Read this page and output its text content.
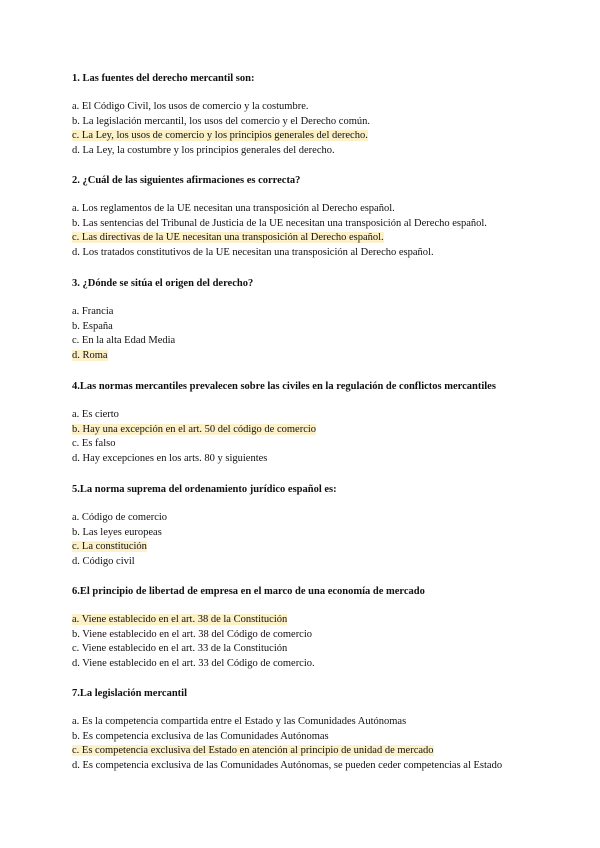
1. Las fuentes del derecho mercantil son:
a. El Código Civil, los usos de comercio y la costumbre.
b. La legislación mercantil, los usos del comercio y el Derecho común.
c. La Ley, los usos de comercio y los principios generales del derecho.
d. La Ley, la costumbre y los principios generales del derecho.
2. ¿Cuál de las siguientes afirmaciones es correcta?
a. Los reglamentos de la UE necesitan una transposición al Derecho español.
b. Las sentencias del Tribunal de Justicia de la UE necesitan una transposición al Derecho español.
c. Las directivas de la UE necesitan una transposición al Derecho español.
d. Los tratados constitutivos de la UE necesitan una transposición al Derecho español.
3. ¿Dónde se sitúa el origen del derecho?
a. Francia
b. España
c. En la alta Edad Media
d. Roma
4.Las normas mercantiles prevalecen sobre las civiles en la regulación de conflictos mercantiles
a. Es cierto
b. Hay una excepción en el art. 50 del código de comercio
c. Es falso
d. Hay excepciones en los arts. 80 y siguientes
5.La norma suprema del ordenamiento jurídico español es:
a. Código de comercio
b. Las leyes europeas
c. La constitución
d. Código civil
6.El principio de libertad de empresa en el marco de una economía de mercado
a. Viene establecido en el art. 38 de la Constitución
b. Viene establecido en el art. 38 del Código de comercio
c. Viene establecido en el art. 33 de la Constitución
d. Viene establecido en el art. 33 del Código de comercio.
7.La legislación mercantil
a. Es la competencia compartida entre el Estado y las Comunidades Autónomas
b. Es competencia exclusiva de las Comunidades Autónomas
c. Es competencia exclusiva del Estado en atención al principio de unidad de mercado
d. Es competencia exclusiva de las Comunidades Autónomas, se pueden ceder competencias al Estado
